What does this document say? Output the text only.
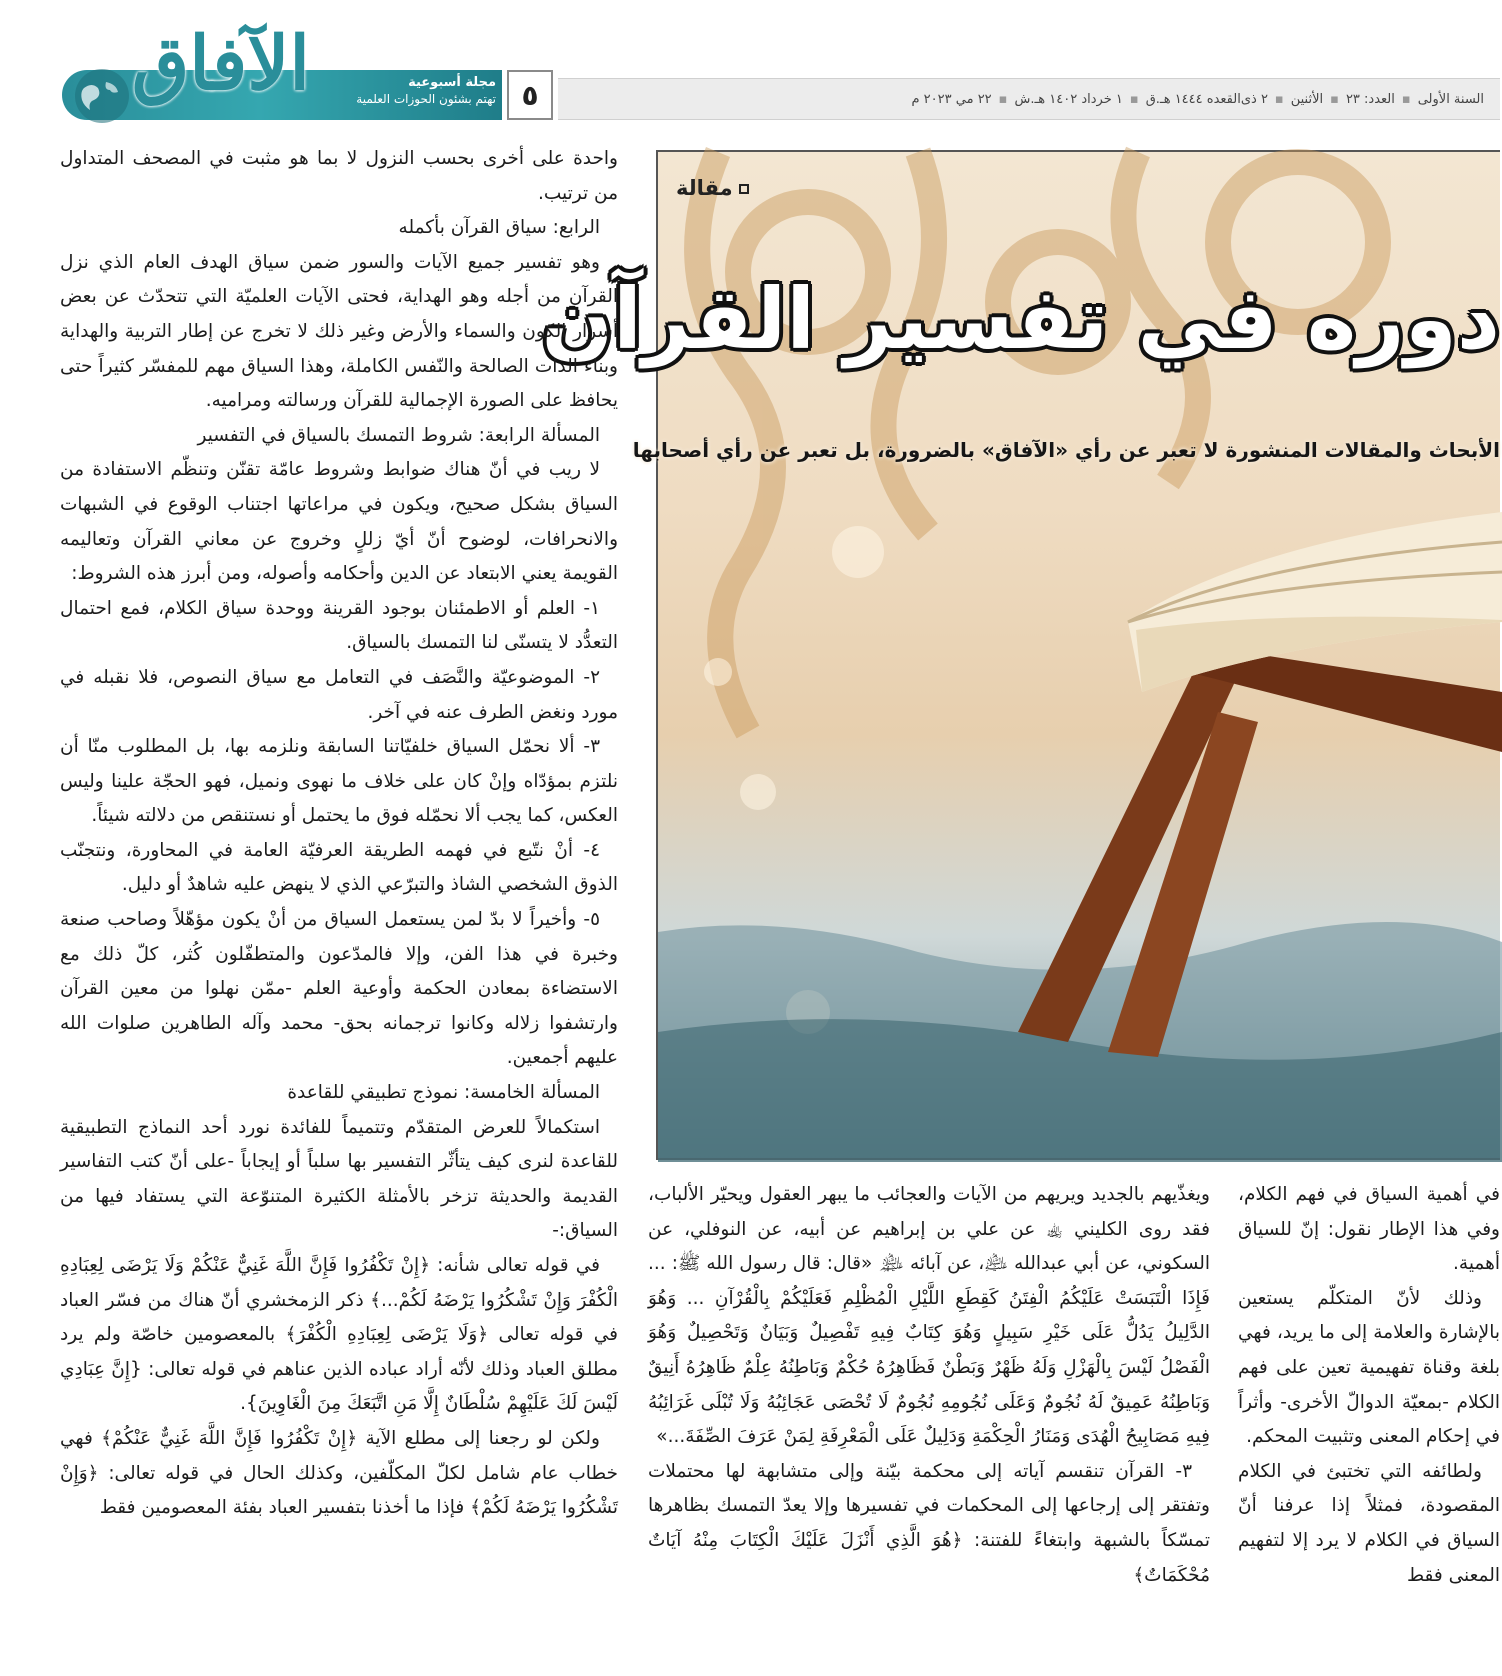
السنة الأولى
▪
العدد: ٢٣
▪
الأثنين
▪
٢ ذی‌القعده ١٤٤٤ هـ.ق
▪
١ خرداد ١٤٠٢ هـ.ش
▪
٢٢ مي ٢٠٢٣ م
٥
مجلة أسبوعية
تهتم بشئون الحوزات العلمية
الآفاق
مقالة
دوره في تفسير القرآن
الأبحاث والمقالات المنشورة لا تعبر عن رأي «الآفاق» بالضرورة، بل تعبر عن رأي أصحابها

واحدة على أخرى بحسب النزول لا بما هو مثبت في المصحف المتداول من ترتيب.

الرابع: سياق القرآن بأكمله

وهو تفسير جميع الآيات والسور ضمن سياق الهدف العام الذي نزل القرآن من أجله وهو الهداية، فحتى الآيات العلميّة التي تتحدّث عن بعض أسرار الكون والسماء والأرض وغير ذلك لا تخرج عن إطار التربية والهداية وبناء الذات الصالحة والنّفس الكاملة، وهذا السياق مهم للمفسّر كثيراً حتى يحافظ على الصورة الإجمالية للقرآن ورسالته ومراميه.

المسألة الرابعة: شروط التمسك بالسياق في التفسير

لا ريب في أنّ هناك ضوابط وشروط عامّة تقنّن وتنظّم الاستفادة من السياق بشكل صحيح، ويكون في مراعاتها اجتناب الوقوع في الشبهات والانحرافات، لوضوح أنّ أيّ زللٍ وخروج عن معاني القرآن وتعاليمه القويمة يعني الابتعاد عن الدين وأحكامه وأصوله، ومن أبرز هذه الشروط:

١- العلم أو الاطمئنان بوجود القرينة ووحدة سياق الكلام، فمع احتمال التعدُّد لا يتسنّى لنا التمسك بالسياق.

٢- الموضوعيّة والنَّصَف في التعامل مع سياق النصوص، فلا نقبله في مورد ونغض الطرف عنه في آخر.

٣- ألا نحمّل السياق خلفيّاتنا السابقة ونلزمه بها، بل المطلوب منّا أن نلتزم بمؤدّاه وإنْ كان على خلاف ما نهوى ونميل، فهو الحجّة علينا وليس العكس، كما يجب ألا نحمّله فوق ما يحتمل أو نستنقص من دلالته شيئاً.

٤- أنْ نتّبع في فهمه الطريقة العرفيّة العامة في المحاورة، ونتجنّب الذوق الشخصي الشاذ والتبرّعي الذي لا ينهض عليه شاهدٌ أو دليل.

٥- وأخيراً لا بدّ لمن يستعمل السياق من أنْ يكون مؤهّلاً وصاحب صنعة وخبرة في هذا الفن، وإلا فالمدّعون والمتطفّلون كُثر، كلّ ذلك مع الاستضاءة بمعادن الحكمة وأوعية العلم -ممّن نهلوا من معين القرآن وارتشفوا زلاله وكانوا ترجمانه بحق- محمد وآله الطاهرين صلوات الله عليهم أجمعين.

المسألة الخامسة: نموذج تطبيقي للقاعدة

استكمالاً للعرض المتقدّم وتتميماً للفائدة نورد أحد النماذج التطبيقية للقاعدة لنرى كيف يتأثّر التفسير بها سلباً أو إيجاباً -على أنّ كتب التفاسير القديمة والحديثة تزخر بالأمثلة الكثيرة المتنوّعة التي يستفاد فيها من السياق:-

في قوله تعالى شأنه: ﴿إِنْ تَكْفُرُوا فَإِنَّ اللَّهَ غَنِيٌّ عَنْكُمْ وَلَا يَرْضَى لِعِبَادِهِ الْكُفْرَ وَإِنْ تَشْكُرُوا يَرْضَهُ لَكُمْ...﴾ ذكر الزمخشري أنّ هناك من فسّر العباد في قوله تعالى ﴿وَلَا يَرْضَى لِعِبَادِهِ الْكُفْرَ﴾ بالمعصومين خاصّة ولم يرد مطلق العباد وذلك لأنّه أراد عباده الذين عناهم في قوله تعالى: {إِنَّ عِبَادِي لَيْسَ لَكَ عَلَيْهِمْ سُلْطَانٌ إِلَّا مَنِ اتَّبَعَكَ مِنَ الْغَاوِينَ}.

ولكن لو رجعنا إلى مطلع الآية ﴿إِنْ تَكْفُرُوا فَإِنَّ اللَّهَ غَنِيٌّ عَنْكُمْ﴾ فهي خطاب عام شامل لكلّ المكلّفين، وكذلك الحال في قوله تعالى: ﴿وَإِنْ تَشْكُرُوا يَرْضَهُ لَكُمْ﴾ فإذا ما أخذنا بتفسير العباد بفئة المعصومين فقط

ويغذّيهم بالجديد ويريهم من الآيات والعجائب ما يبهر العقول ويحيّر الألباب، فقد روى الكليني ﵀ عن علي بن إبراهيم عن أبيه، عن النوفلي، عن السكوني، عن أبي عبدالله ﵇، عن آبائه ﵈ «قال: قال رسول الله ﷺ: ... فَإِذَا الْتَبَسَتْ عَلَيْكُمُ الْفِتَنُ كَقِطَعِ اللَّيْلِ الْمُظْلِمِ فَعَلَيْكُمْ بِالْقُرْآنِ ... وَهُوَ الدَّلِيلُ يَدُلُّ عَلَى خَيْرِ سَبِيلٍ وَهُوَ كِتَابٌ فِيهِ تَفْصِيلٌ وَبَيَانٌ وَتَحْصِيلٌ وَهُوَ الْفَصْلُ لَيْسَ بِالْهَزْلِ وَلَهُ ظَهْرٌ وَبَطْنٌ فَظَاهِرُهُ حُكْمٌ وَبَاطِنُهُ عِلْمٌ ظَاهِرُهُ أَنِيقٌ وَبَاطِنُهُ عَمِيقٌ لَهُ نُجُومٌ وَعَلَى نُجُومِهِ نُجُومٌ لَا تُحْصَى عَجَائِبُهُ وَلَا تُبْلَى غَرَائِبُهُ فِيهِ مَصَابِيحُ الْهُدَى وَمَنَارُ الْحِكْمَةِ وَدَلِيلٌ عَلَى الْمَعْرِفَةِ لِمَنْ عَرَفَ الصِّفَةَ...»

٣- القرآن تنقسم آياته إلى محكمة بيّنة وإلى متشابهة لها محتملات وتفتقر إلى إرجاعها إلى المحكمات في تفسيرها وإلا يعدّ التمسك بظاهرها تمسّكاً بالشبهة وابتغاءً للفتنة: ﴿هُوَ الَّذِي أَنْزَلَ عَلَيْكَ الْكِتَابَ مِنْهُ آيَاتٌ مُحْكَمَاتٌ﴾

في أهمية السياق في فهم الكلام، وفي هذا الإطار نقول: إنّ للسياق أهمية.

وذلك لأنّ المتكلّم يستعين بالإشارة والعلامة إلى ما يريد، فهي بلغة وقناة تفهيمية تعين على فهم الكلام -بمعيّة الدوالّ الأخرى- وأثراً في إحكام المعنى وتثبيت المحكم.

ولطائفه التي تختبئ في الكلام المقصودة، فمثلاً إذا عرفنا أنّ السياق في الكلام لا يرد إلا لتفهيم المعنى فقط
